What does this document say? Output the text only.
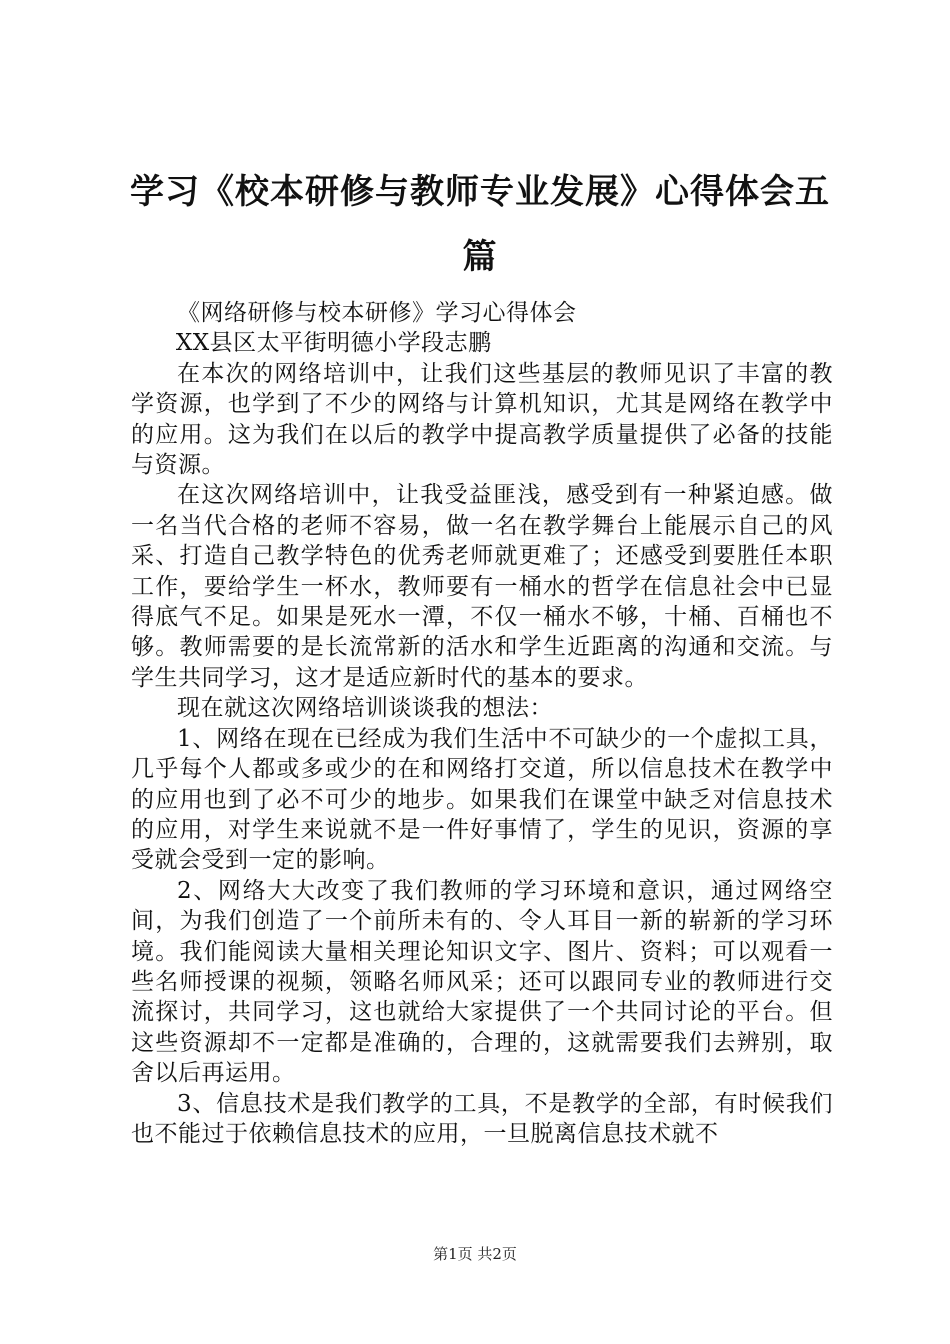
学习《校本研修与教师专业发展》心得体会五篇

《网络研修与校本研修》学习心得体会

XX县区太平街明德小学段志鹏

在本次的网络培训中，让我们这些基层的教师见识了丰富的教学资源，也学到了不少的网络与计算机知识，尤其是网络在教学中的应用。这为我们在以后的教学中提高教学质量提供了必备的技能与资源。

在这次网络培训中，让我受益匪浅，感受到有一种紧迫感。做一名当代合格的老师不容易，做一名在教学舞台上能展示自己的风采、打造自己教学特色的优秀老师就更难了；还感受到要胜任本职工作，要给学生一杯水，教师要有一桶水的哲学在信息社会中已显得底气不足。如果是死水一潭，不仅一桶水不够，十桶、百桶也不够。教师需要的是长流常新的活水和学生近距离的沟通和交流。与学生共同学习，这才是适应新时代的基本的要求。

现在就这次网络培训谈谈我的想法：

1、网络在现在已经成为我们生活中不可缺少的一个虚拟工具，几乎每个人都或多或少的在和网络打交道，所以信息技术在教学中的应用也到了必不可少的地步。如果我们在课堂中缺乏对信息技术的应用，对学生来说就不是一件好事情了，学生的见识，资源的享受就会受到一定的影响。

2、网络大大改变了我们教师的学习环境和意识，通过网络空间，为我们创造了一个前所未有的、令人耳目一新的崭新的学习环境。我们能阅读大量相关理论知识文字、图片、资料；可以观看一些名师授课的视频，领略名师风采；还可以跟同专业的教师进行交流探讨，共同学习，这也就给大家提供了一个共同讨论的平台。但这些资源却不一定都是准确的，合理的，这就需要我们去辨别，取舍以后再运用。

3、信息技术是我们教学的工具，不是教学的全部，有时候我们也不能过于依赖信息技术的应用，一旦脱离信息技术就不

第1页 共2页
